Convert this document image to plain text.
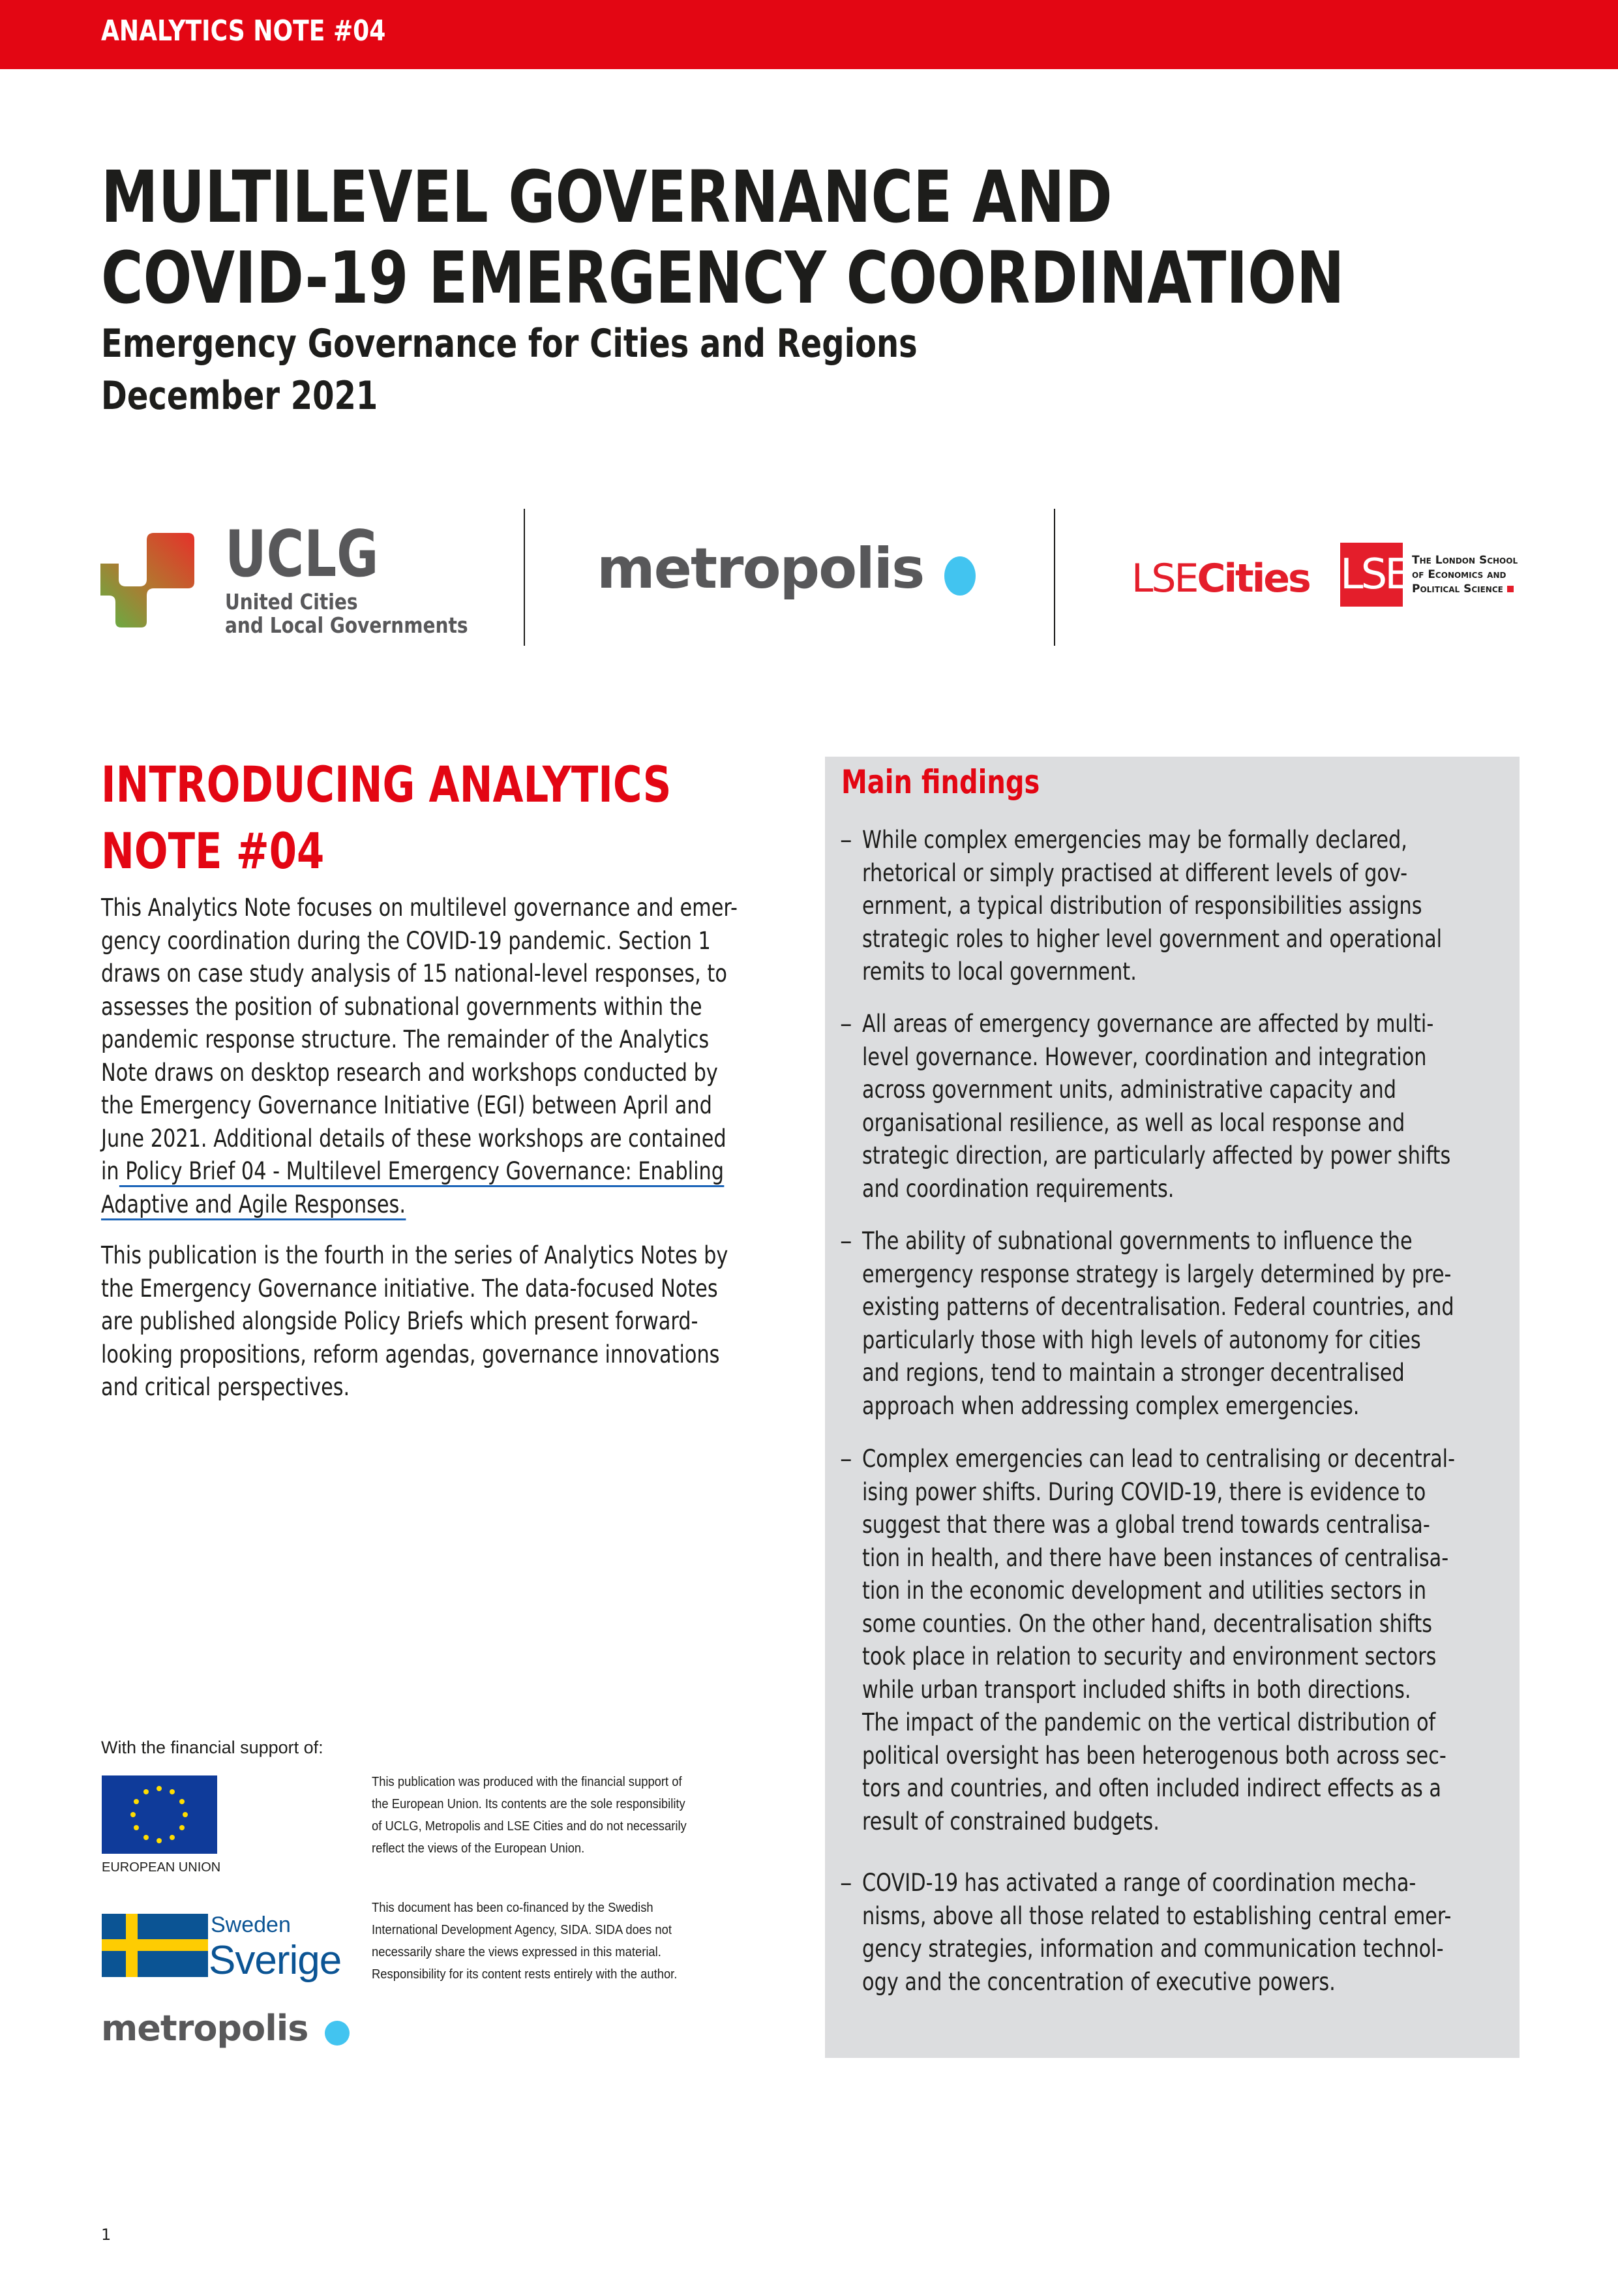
ANALYTICS NOTE #04
MULTILEVEL GOVERNANCE AND
COVID-19 EMERGENCY COORDINATION
Emergency Governance for Cities and Regions
December 2021
UCLG
United Cities
and Local Governments
metropolis	LSECities LSE The London School
of Economics and
Political Science
INTRODUCING ANALYTICS
NOTE #04
This Analytics Note focuses on multilevel governance and emer-
gency coordination during the COVID-19 pandemic. Section 1
draws on case study analysis of 15 national-level responses, to
assesses the position of subnational governments within the
pandemic response structure. The remainder of the Analytics
Note draws on desktop research and workshops conducted by
the Emergency Governance Initiative (EGI) between April and
June 2021. Additional details of these workshops are contained
in Policy Brief 04 - Multilevel Emergency Governance: Enabling
Adaptive and Agile Responses.
This publication is the fourth in the series of Analytics Notes by
the Emergency Governance initiative. The data-focused Notes
are published alongside Policy Briefs which present forward-
looking propositions, reform agendas, governance innovations
and critical perspectives.
Main findings
– While complex emergencies may be formally declared,
rhetorical or simply practised at different levels of gov-
ernment, a typical distribution of responsibilities assigns
strategic roles to higher level government and operational
remits to local government.
– All areas of emergency governance are affected by multi-
level governance. However, coordination and integration
across government units, administrative capacity and
organisational resilience, as well as local response and
strategic direction, are particularly affected by power shifts
and coordination requirements.
– The ability of subnational governments to influence the
emergency response strategy is largely determined by pre-
existing patterns of decentralisation. Federal countries, and
particularly those with high levels of autonomy for cities
and regions, tend to maintain a stronger decentralised
approach when addressing complex emergencies.
– Complex emergencies can lead to centralising or decentral-
ising power shifts. During COVID-19, there is evidence to
suggest that there was a global trend towards centralisa-
tion in health, and there have been instances of centralisa-
tion in the economic development and utilities sectors in
some counties. On the other hand, decentralisation shifts
took place in relation to security and environment sectors
while urban transport included shifts in both directions.
The impact of the pandemic on the vertical distribution of
political oversight has been heterogenous both across sec-
tors and countries, and often included indirect effects as a
result of constrained budgets.
– COVID-19 has activated a range of coordination mecha-
nisms, above all those related to establishing central emer-
gency strategies, information and communication technol-
ogy and the concentration of executive powers.
With the financial support of:
EUROPEAN UNION
This publication was produced with the financial support of
the European Union. Its contents are the sole responsibility
of UCLG, Metropolis and LSE Cities and do not necessarily
reflect the views of the European Union.
Sweden
Sverige
This document has been co-financed by the Swedish
International Development Agency, SIDA. SIDA does not
necessarily share the views expressed in this material.
Responsibility for its content rests entirely with the author.
metropolis
1
